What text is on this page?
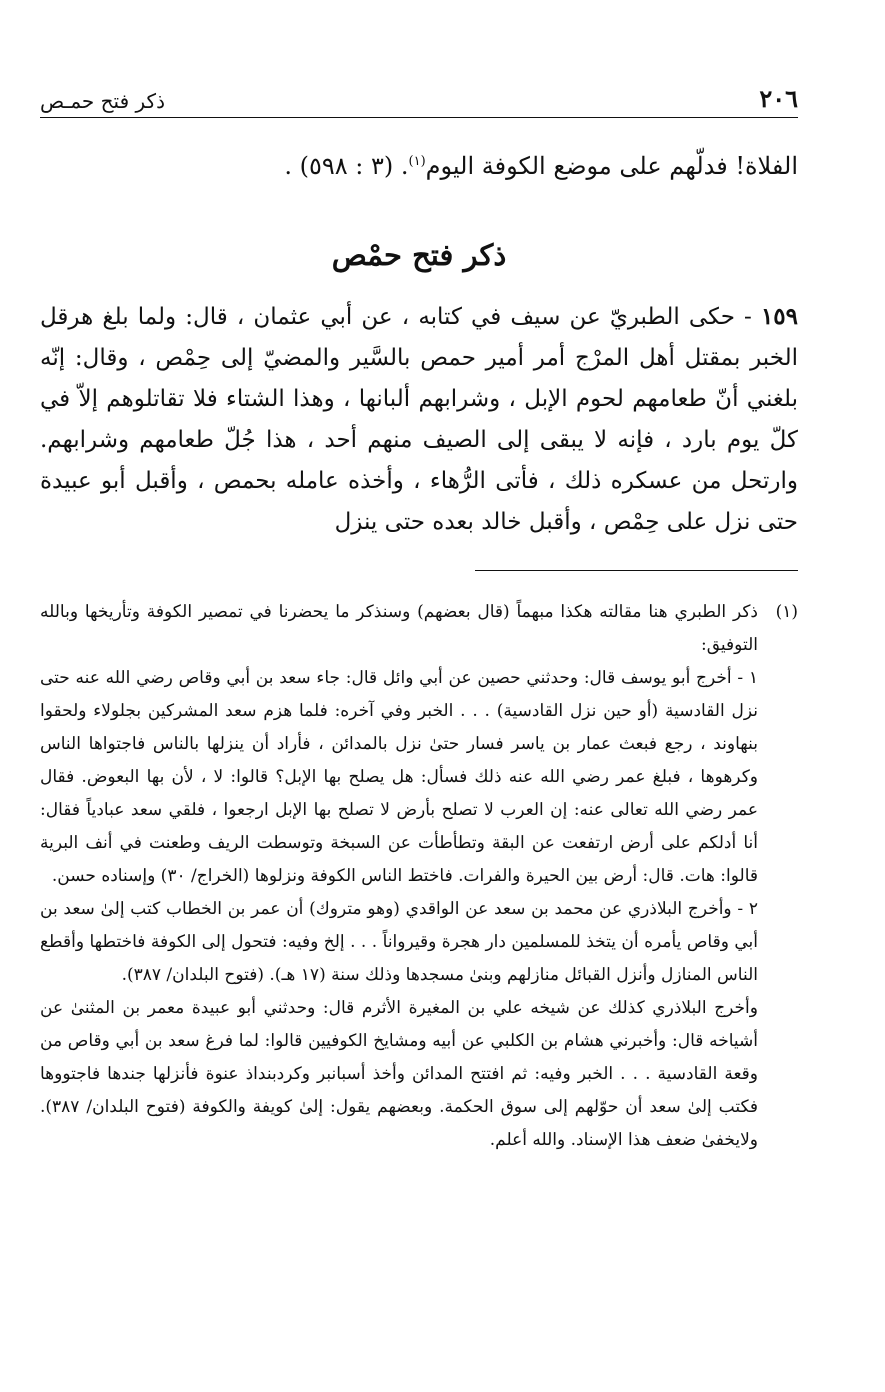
٢٠٦
ذكر فتح حمـص
الفلاة! فدلّهم على موضع الكوفة اليوم$^{(١)}$. (٣ : ٥٩٨) .
ذكر فتح حمْص
١٥٩ - حكى الطبريّ عن سيف في كتابه ، عن أبي عثمان ، قال: ولما بلغ هرقل الخبر بمقتل أهل المرْج أمر أمير حمص بالسَّير والمضيّ إلى حِمْص ، وقال: إنّه بلغني أنّ طعامهم لحوم الإبل ، وشرابهم ألبانها ، وهذا الشتاء فلا تقاتلوهم إلاّ في كلّ يوم بارد ، فإنه لا يبقى إلى الصيف منهم أحد ، هذا جُلّ طعامهم وشرابهم. وارتحل من عسكره ذلك ، فأتى الرُّهاء ، وأخذه عامله بحمص ، وأقبل أبو عبيدة حتى نزل على حِمْص ، وأقبل خالد بعده حتى ينزل
(١)

ذكر الطبري هنا مقالته هكذا مبهماً (قال بعضهم) وسنذكر ما يحضرنا في تمصير الكوفة وتأريخها وبالله التوفيق:

١ - أخرج أبو يوسف قال: وحدثني حصين عن أبي وائل قال: جاء سعد بن أبي وقاص رضي الله عنه حتى نزل القادسية (أو حين نزل القادسية) . . . الخبر وفي آخره: فلما هزم سعد المشركين بجلولاء ولحقوا بنهاوند ، رجع فبعث عمار بن ياسر فسار حتىٰ نزل بالمدائن ، فأراد أن ينزلها بالناس فاجتواها الناس وكرهوها ، فبلغ عمر رضي الله عنه ذلك فسأل: هل يصلح بها الإبل؟ قالوا: لا ، لأن بها البعوض. فقال عمر رضي الله تعالى عنه: إن العرب لا تصلح بأرض لا تصلح بها الإبل ارجعوا ، فلقي سعد عبادياً فقال: أنا أدلكم على أرض ارتفعت عن البقة وتطأطأت عن السبخة وتوسطت الريف وطعنت في أنف البرية قالوا: هات. قال: أرض بين الحيرة والفرات. فاختط الناس الكوفة ونزلوها (الخراج/ ٣٠) وإسناده حسن.

٢ - وأخرج البلاذري عن محمد بن سعد عن الواقدي (وهو متروك) أن عمر بن الخطاب كتب إلىٰ سعد بن أبي وقاص يأمره أن يتخذ للمسلمين دار هجرة وقيرواناً . . . إلخ وفيه: فتحول إلى الكوفة فاختطها وأقطع الناس المنازل وأنزل القبائل منازلهم وبنىٰ مسجدها وذلك سنة (١٧ هـ). (فتوح البلدان/ ٣٨٧).

وأخرج البلاذري كذلك عن شيخه علي بن المغيرة الأثرم قال: وحدثني أبو عبيدة معمر بن المثنىٰ عن أشياخه قال: وأخبرني هشام بن الكلبي عن أبيه ومشايخ الكوفيين قالوا: لما فرغ سعد بن أبي وقاص من وقعة القادسية . . . الخبر وفيه: ثم افتتح المدائن وأخذ أسبانبر وكردبنداذ عنوة فأنزلها جندها فاجتووها فكتب إلىٰ سعد أن حوّلهم إلى سوق الحكمة. وبعضهم يقول: إلىٰ كويفة والكوفة (فتوح البلدان/ ٣٨٧). ولايخفىٰ ضعف هذا الإسناد. والله أعلم.
